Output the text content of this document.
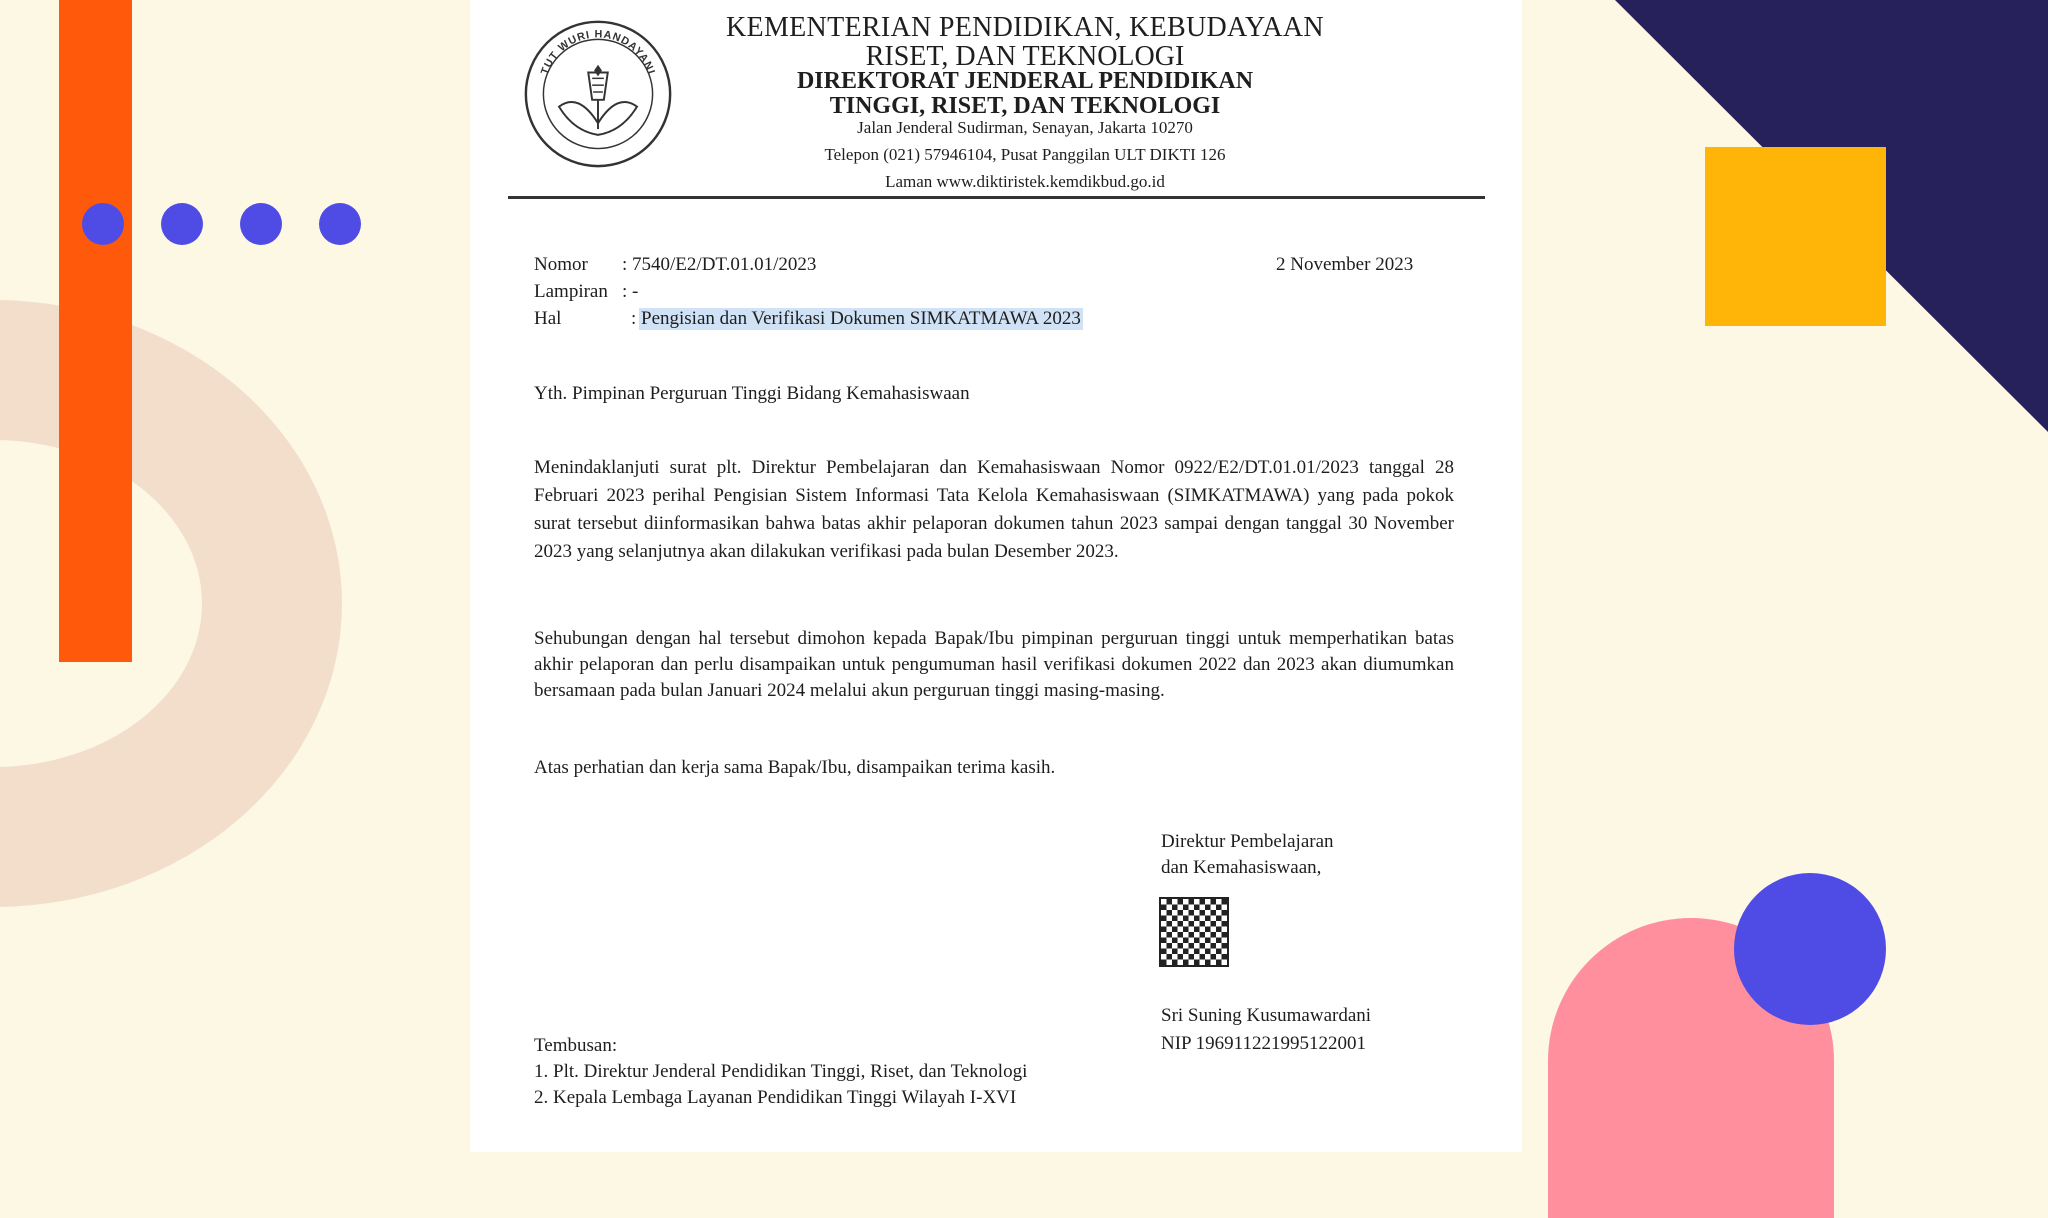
TUT WURI HANDAYANI
KEMENTERIAN PENDIDIKAN, KEBUDAYAAN
RISET, DAN TEKNOLOGI
DIREKTORAT JENDERAL PENDIDIKAN
TINGGI, RISET, DAN TEKNOLOGI
Jalan Jenderal Sudirman, Senayan, Jakarta 10270
Telepon (021) 57946104, Pusat Panggilan ULT DIKTI 126
Laman www.diktiristek.kemdikbud.go.id
Nomor : 7540/E2/DT.01.01/2023	2 November 2023
Lampiran : -
Hal	: Pengisian dan Verifikasi Dokumen SIMKATMAWA 2023
Yth. Pimpinan Perguruan Tinggi Bidang Kemahasiswaan

Menindaklanjuti surat plt. Direktur Pembelajaran dan Kemahasiswaan Nomor 0922/E2/DT.01.01/2023 tanggal 28 Februari 2023 perihal Pengisian Sistem Informasi Tata Kelola Kemahasiswaan (SIMKATMAWA) yang pada pokok surat tersebut diinformasikan bahwa batas akhir pelaporan dokumen tahun 2023 sampai dengan tanggal 30 November 2023 yang selanjutnya akan dilakukan verifikasi pada bulan Desember 2023.

Sehubungan dengan hal tersebut dimohon kepada Bapak/Ibu pimpinan perguruan tinggi untuk memperhatikan batas akhir pelaporan dan perlu disampaikan untuk pengumuman hasil verifikasi dokumen 2022 dan 2023 akan diumumkan bersamaan pada bulan Januari 2024 melalui akun perguruan tinggi masing-masing.

Atas perhatian dan kerja sama Bapak/Ibu, disampaikan terima kasih.
Direktur Pembelajaran
dan Kemahasiswaan,
Sri Suning Kusumawardani
NIP 196911221995122001
Tembusan:
1. Plt. Direktur Jenderal Pendidikan Tinggi, Riset, dan Teknologi
2. Kepala Lembaga Layanan Pendidikan Tinggi Wilayah I-XVI
